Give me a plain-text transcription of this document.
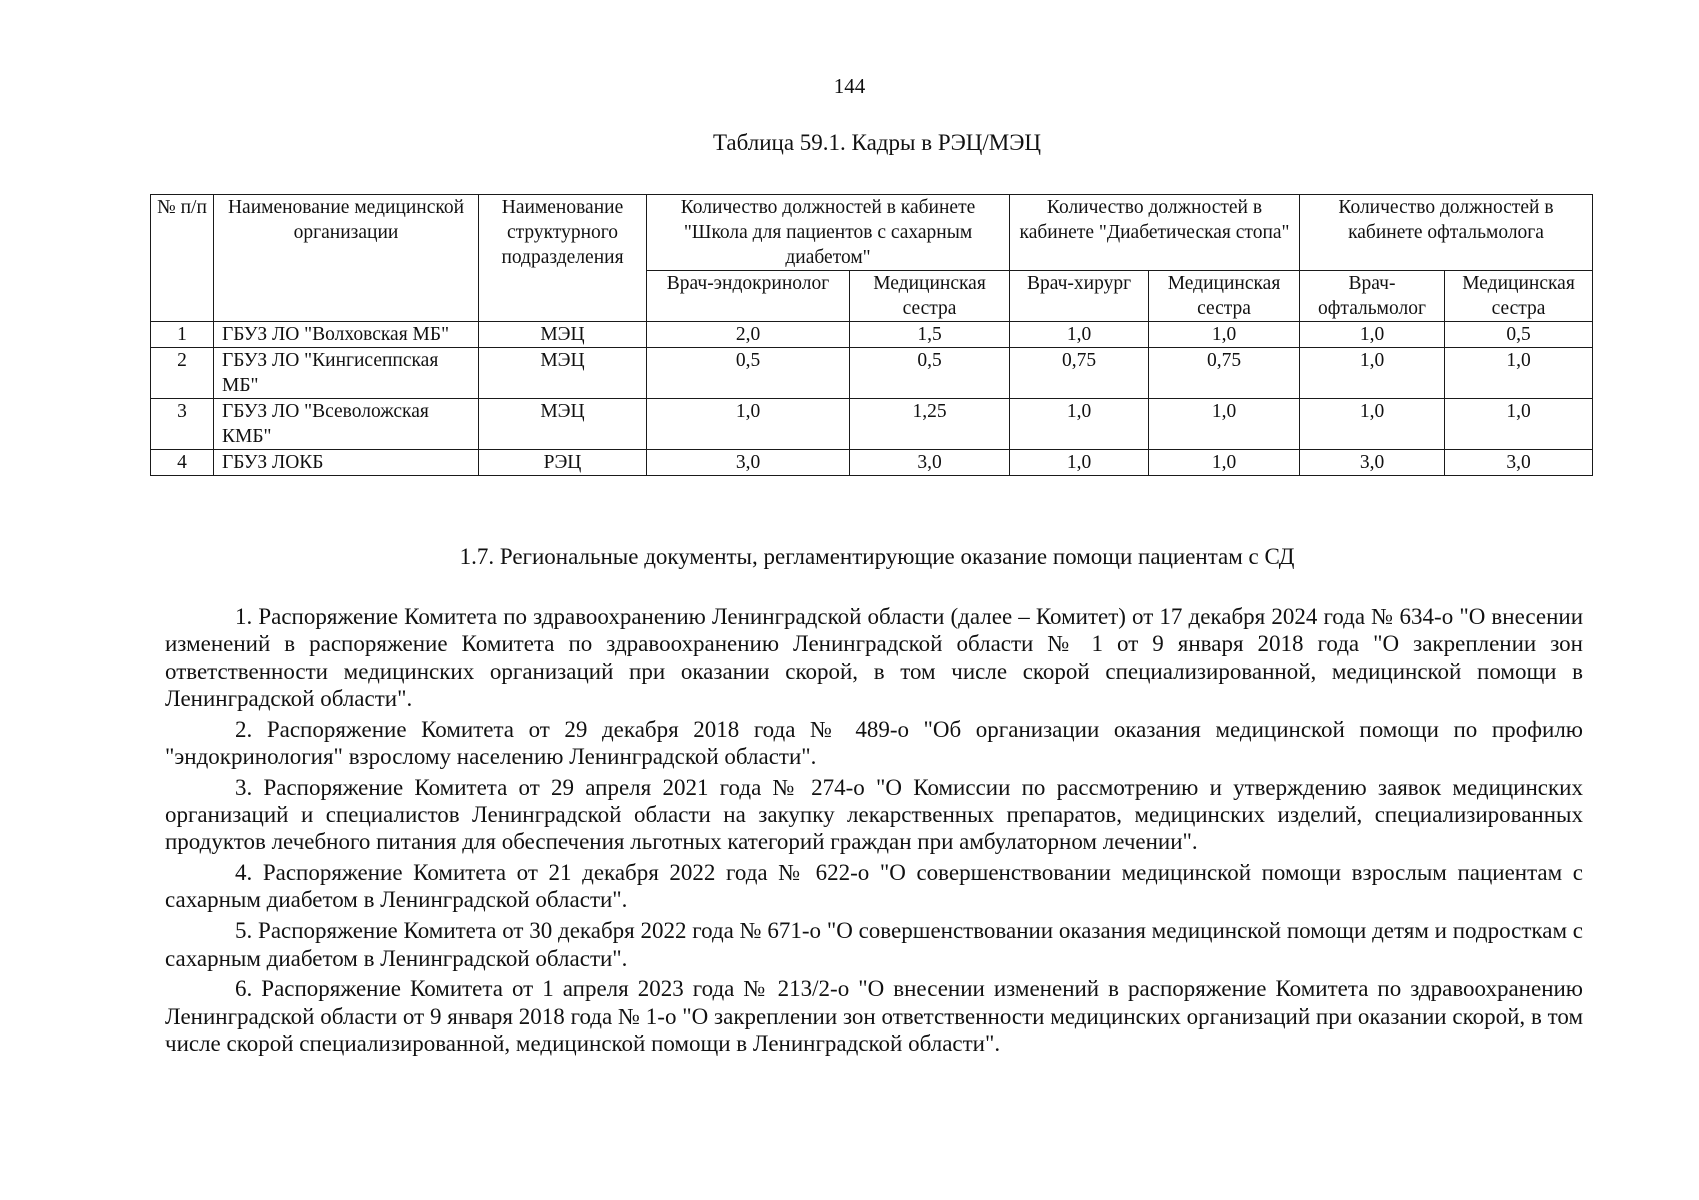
144
Таблица 59.1. Кадры в РЭЦ/МЭЦ
№ п/п	Наименование медицинской организации	Наименование структурного подразделения	Количество должностей в кабинете "Школа для пациентов с сахарным диабетом"		Количество должностей в кабинете "Диабетическая стопа"		Количество должностей в кабинете офтальмолога	
			Врач-эндокринолог	Медицинская сестра	Врач-хирург	Медицинская сестра	Врач-офтальмолог	Медицинская сестра
1	ГБУЗ ЛО "Волховская МБ"	МЭЦ	2,0	1,5	1,0	1,0	1,0	0,5
2	ГБУЗ ЛО "Кингисеппская МБ"	МЭЦ	0,5	0,5	0,75	0,75	1,0	1,0
3	ГБУЗ ЛО "Всеволожская КМБ"	МЭЦ	1,0	1,25	1,0	1,0	1,0	1,0
4	ГБУЗ ЛОКБ	РЭЦ	3,0	3,0	1,0	1,0	3,0	3,0
1.7. Региональные документы, регламентирующие оказание помощи пациентам с СД

1. Распоряжение Комитета по здравоохранению Ленинградской области (далее – Комитет) от 17 декабря 2024 года № 634-о "О внесении изменений в распоряжение Комитета по здравоохранению Ленинградской области № 1 от 9 января 2018 года "О закреплении зон ответственности медицинских организаций при оказании скорой, в том числе скорой специализированной, медицинской помощи в Ленинградской области".

2. Распоряжение Комитета от 29 декабря 2018 года № 489-о "Об организации оказания медицинской помощи по профилю "эндокринология" взрослому населению Ленинградской области".

3. Распоряжение Комитета от 29 апреля 2021 года № 274-о "О Комиссии по рассмотрению и утверждению заявок медицинских организаций и специалистов Ленинградской области на закупку лекарственных препаратов, медицинских изделий, специализированных продуктов лечебного питания для обеспечения льготных категорий граждан при амбулаторном лечении".

4. Распоряжение Комитета от 21 декабря 2022 года № 622-о "О совершенствовании медицинской помощи взрослым пациентам с сахарным диабетом в Ленинградской области".

5. Распоряжение Комитета от 30 декабря 2022 года № 671-о "О совершенствовании оказания медицинской помощи детям и подросткам с сахарным диабетом в Ленинградской области".

6. Распоряжение Комитета от 1 апреля 2023 года № 213/2-о "О внесении изменений в распоряжение Комитета по здравоохранению Ленинградской области от 9 января 2018 года № 1-о "О закреплении зон ответственности медицинских организаций при оказании скорой, в том числе скорой специализированной, медицинской помощи в Ленинградской области".
